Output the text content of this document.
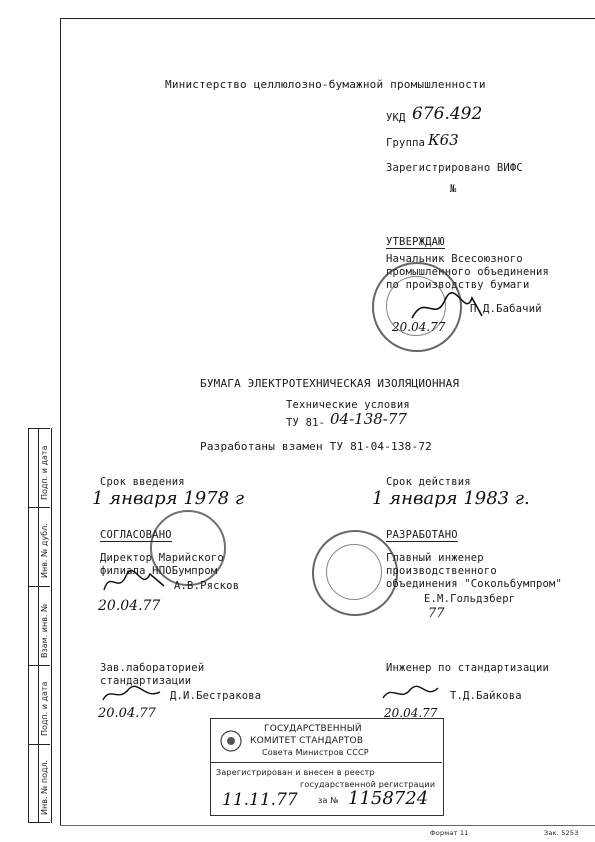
Подп. и дата
Инв. № дубл.
Взам. инв. №
Подп. и дата
Инв. № подл.
Министерство целлюлозно-бумажной промышленности
УКД 676.492
Группа К63
Зарегистрировано ВИФС
№
УТВЕРЖДАЮ
Начальник Всесоюзного
промышленного объединения
по производству бумаги
П.Д.Бабачий
20.04.77
БУМАГА ЭЛЕКТРОТЕХНИЧЕСКАЯ ИЗОЛЯЦИОННАЯ
Технические условия
ТУ 81- 04-138-77
Разработаны взамен ТУ 81-04-138-72
Срок введения
1 января 1978 г
Срок действия
1 января 1983 г.
СОГЛАСОВАНО
Директор Марийского
филиала НПОБумпром
А.В.Рясков
20.04.77
РАЗРАБОТАНО
Главный инженер
производственного
объединения "Сокольбумпром"
Е.М.Гольдзберг
77
Зав.лабораторией
стандартизации
Д.И.Бестракова
20.04.77
Инженер по стандартизации
Т.Д.Байкова
20.04.77
ГОСУДАРСТВЕННЫЙ
КОМИТЕТ СТАНДАРТОВ
Совета Министров СССР
Зарегистрирован и внесен в реестр
государственной регистрации
11.11.77	за № 1158724
Формат 11	Зак. 5253
